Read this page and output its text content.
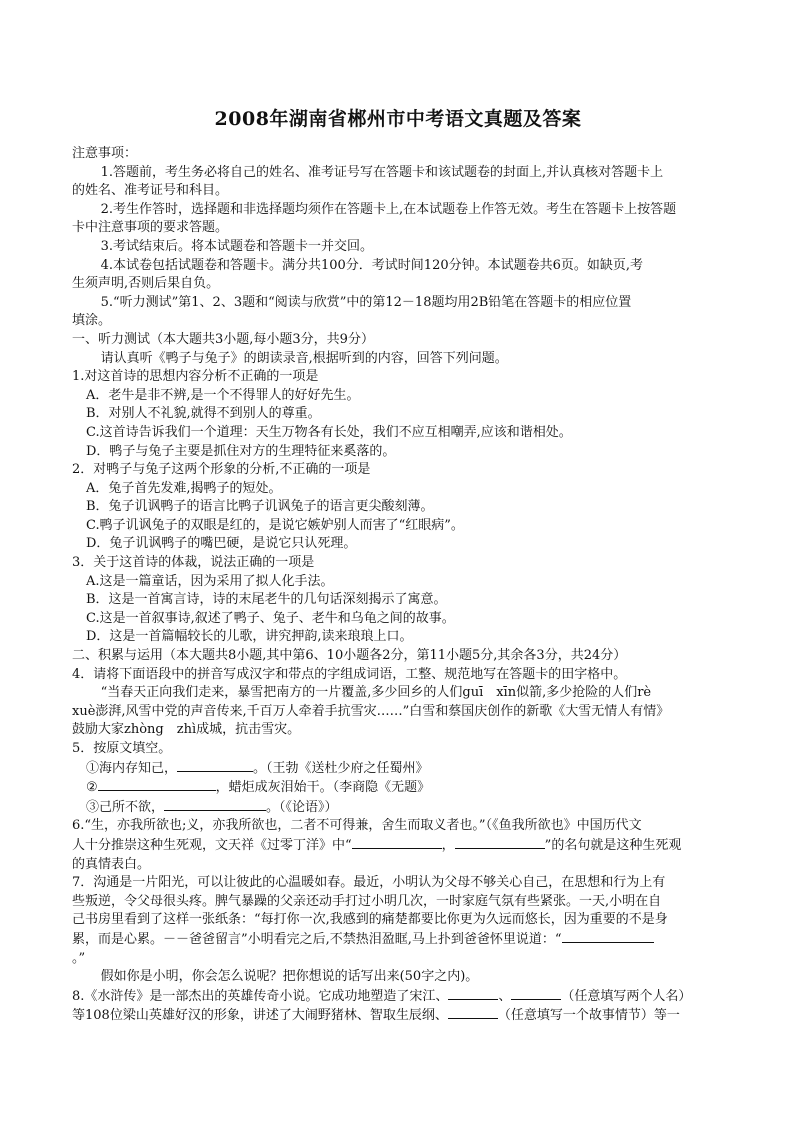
2008年湖南省郴州市中考语文真题及答案
注意事项：
1.答题前，考生务必将自己的姓名、准考证号写在答题卡和该试题卷的封面上,并认真核对答题卡上
的姓名、准考证号和科目。
2.考生作答时，选择题和非选择题均须作在答题卡上,在本试题卷上作答无效。考生在答题卡上按答题
卡中注意事项的要求答题。
3.考试结束后。将本试题卷和答题卡一并交回。
4.本试卷包括试题卷和答题卡。满分共100分．考试时间120分钟。本试题卷共6页。如缺页,考
生须声明,否则后果自负。
5.“听力测试”第1、2、3题和“阅读与欣赏”中的第12－18题均用2B铅笔在答题卡的相应位置
填涂。
一、听力测试（本大题共3小题,每小题3分，共9分）
请认真听《鸭子与兔子》的朗读录音,根据听到的内容，回答下列问题。
1.对这首诗的思想内容分析不正确的一项是
A．老牛是非不辨,是一个不得罪人的好好先生。
B．对别人不礼貌,就得不到别人的尊重。
C.这首诗告诉我们一个道理：天生万物各有长处，我们不应互相嘲弄,应该和谐相处。
D．鸭子与兔子主要是抓住对方的生理特征来奚落的。
2．对鸭子与兔子这两个形象的分析,不正确的一项是
A．兔子首先发难,揭鸭子的短处。
B．兔子讥讽鸭子的语言比鸭子讥讽兔子的语言更尖酸刻薄。
C.鸭子讥讽兔子的双眼是红的，是说它嫉妒别人而害了“红眼病”。
D．兔子讥讽鸭子的嘴巴硬，是说它只认死理。
3．关于这首诗的体裁，说法正确的一项是
A.这是一篇童话，因为采用了拟人化手法。
B．这是一首寓言诗，诗的末尾老牛的几句话深刻揭示了寓意。
C.这是一首叙事诗,叙述了鸭子、兔子、老牛和乌龟之间的故事。
D．这是一首篇幅较长的儿歌，讲究押韵,读来琅琅上口。
二、积累与运用（本大题共8小题,其中第6、10小题各2分，第11小题5分,其余各3分，共24分）
4．请将下面语段中的拼音写成汉字和带点的字组成词语，工整、规范地写在答题卡的田字格中。
“当春天正向我们走来，暴雪把南方的一片覆盖,多少回乡的人们guī　xīn似箭,多少抢险的人们rè
xuè澎湃,风雪中党的声音传来,千百万人牵着手抗雪灾……”白雪和蔡国庆创作的新歌《大雪无情人有情》
鼓励大家zhòng　zhì成城，抗击雪灾。
5．按原文填空。
①海内存知己，	。（王勃《送杜少府之任蜀州》
②	，蜡炬成灰泪始干。（李商隐《无题》
③己所不欲，	。（《论语》）
6.“生，亦我所欲也;义，亦我所欲也，二者不可得兼，舍生而取义者也。”（《鱼我所欲也》中国历代文
人十分推崇这种生死观，文天祥《过零丁洋》中“	，	”的名句就是这种生死观
的真情表白。
7．沟通是一片阳光，可以让彼此的心温暖如春。最近，小明认为父母不够关心自己，在思想和行为上有
些叛逆，令父母很头疼。脾气暴躁的父亲还动手打过小明几次，一时家庭气氛有些紧张。一天,小明在自
己书房里看到了这样一张纸条：“每打你一次,我感到的痛楚都要比你更为久远而悠长，因为重要的不是身
累，而是心累。－－爸爸留言”小明看完之后,不禁热泪盈眶,马上扑到爸爸怀里说道：“
。”
假如你是小明，你会怎么说呢？把你想说的话写出来(50字之内)。
8.《水浒传》是一部杰出的英雄传奇小说。它成功地塑造了宋江、	、	（任意填写两个人名）
等108位梁山英雄好汉的形象，讲述了大闹野猪林、智取生辰纲、	（任意填写一个故事情节）等一
